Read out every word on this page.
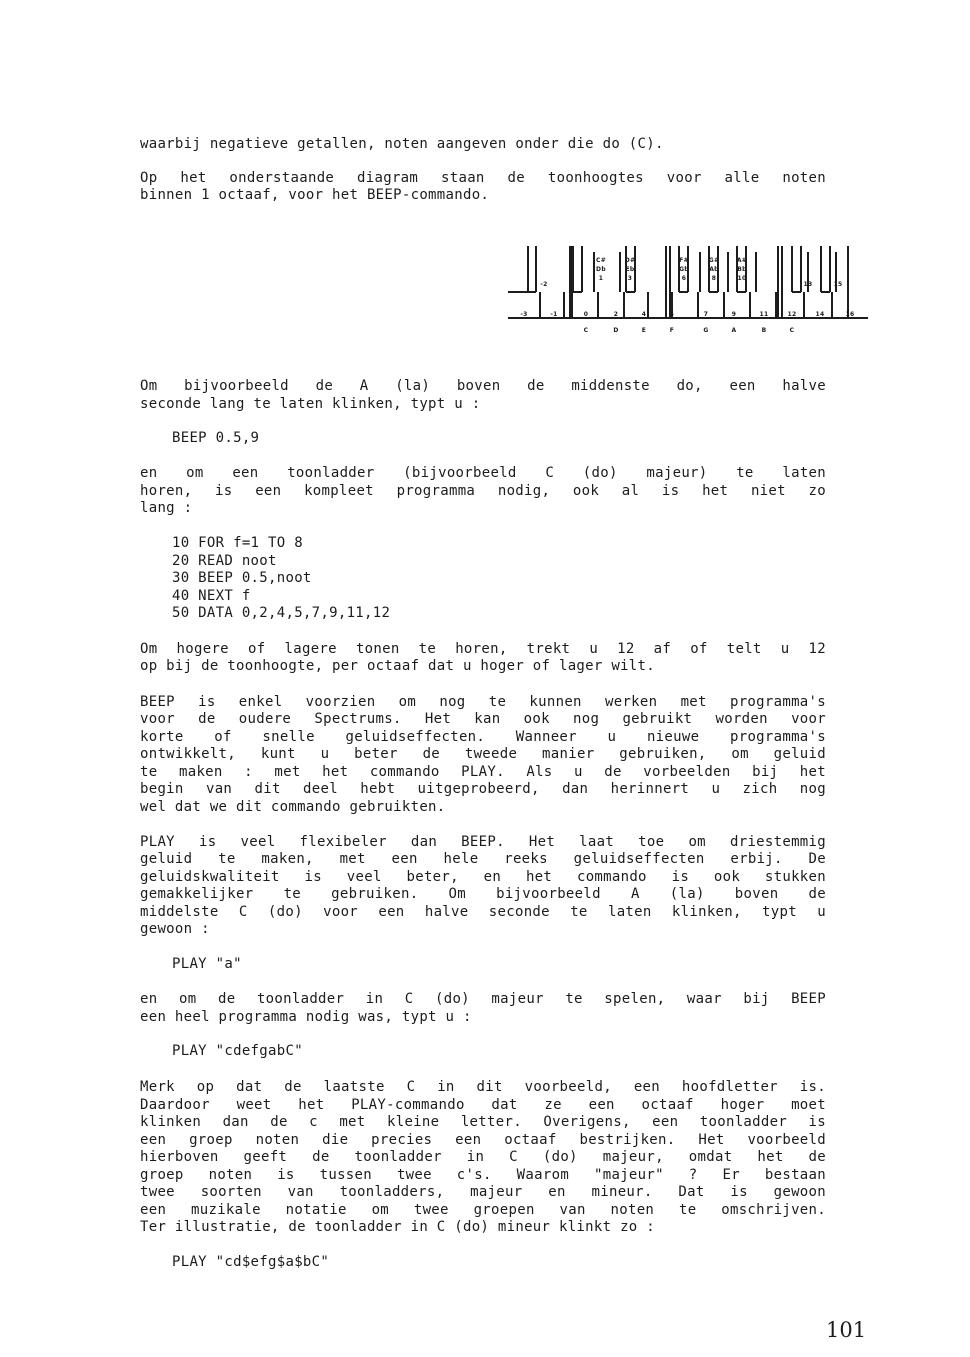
waarbij negatieve getallen, noten aangeven onder die do (C).
Op het onderstaande diagram staan de toonhoogtes voor alle noten
binnen 1 octaaf, voor het BEEP-commando.
-2
C#
Db
1
D#
Eb
3
F#
Gb
6
G#
Ab
8
A#
Bb
10
13	15
-3	-1	0	2	4	5	7	9	11	12	14	16
C	D	E	F	G	A	B	C
Om bijvoorbeeld de A (la) boven de middenste do, een halve
seconde lang te laten klinken, typt u :
BEEP 0.5,9
en om een toonladder (bijvoorbeeld C (do) majeur) te laten
horen, is een kompleet programma nodig, ook al is het niet zo
lang :
10 FOR f=1 TO 8
20 READ noot
30 BEEP 0.5,noot
40 NEXT f
50 DATA 0,2,4,5,7,9,11,12
Om hogere of lagere tonen te horen, trekt u 12 af of telt u 12
op bij de toonhoogte, per octaaf dat u hoger of lager wilt.
BEEP is enkel voorzien om nog te kunnen werken met programma's
voor de oudere Spectrums. Het kan ook nog gebruikt worden voor
korte of snelle geluidseffecten. Wanneer u nieuwe programma's
ontwikkelt, kunt u beter de tweede manier gebruiken, om geluid
te maken : met het commando PLAY. Als u de vorbeelden bij het
begin van dit deel hebt uitgeprobeerd, dan herinnert u zich nog
wel dat we dit commando gebruikten.
PLAY is veel flexibeler dan BEEP. Het laat toe om driestemmig
geluid te maken, met een hele reeks geluidseffecten erbij. De
geluidskwaliteit is veel beter, en het commando is ook stukken
gemakkelijker te gebruiken. Om bijvoorbeeld A (la) boven de
middelste C (do) voor een halve seconde te laten klinken, typt u
gewoon :
PLAY "a"
en om de toonladder in C (do) majeur te spelen, waar bij BEEP
een heel programma nodig was, typt u :
PLAY "cdefgabC"
Merk op dat de laatste C in dit voorbeeld, een hoofdletter is.
Daardoor weet het PLAY-commando dat ze een octaaf hoger moet
klinken dan de c met kleine letter. Overigens, een toonladder is
een groep noten die precies een octaaf bestrijken. Het voorbeeld
hierboven geeft de toonladder in C (do) majeur, omdat het de
groep noten is tussen twee c's. Waarom "majeur" ? Er bestaan
twee soorten van toonladders, majeur en mineur. Dat is gewoon
een muzikale notatie om twee groepen van noten te omschrijven.
Ter illustratie, de toonladder in C (do) mineur klinkt zo :
PLAY "cd$efg$a$bC"
101
